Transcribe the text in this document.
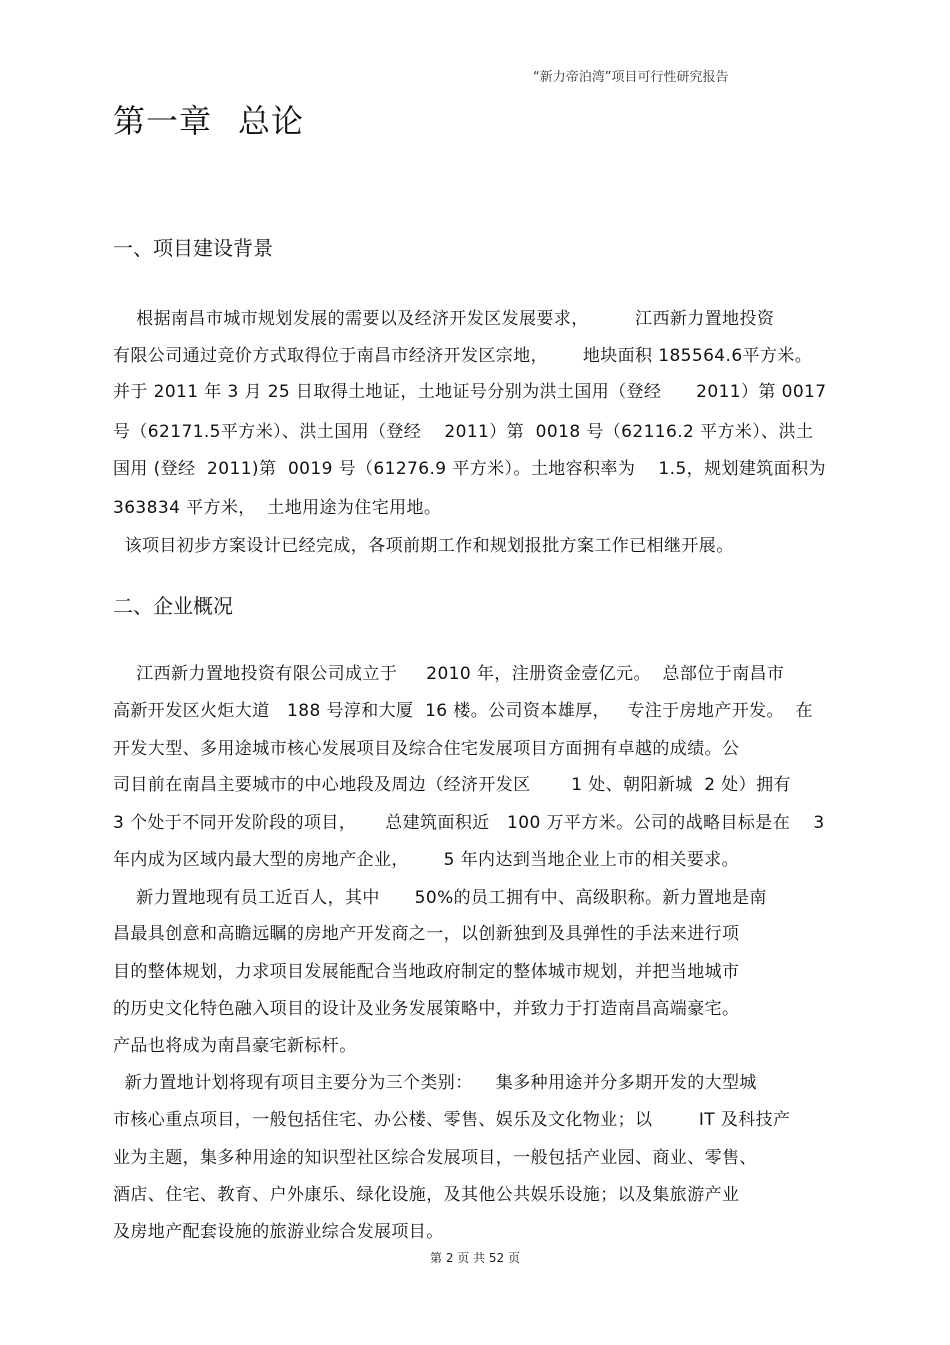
“新力帝泊湾”项目可行性研究报告
第一章 总论
一、项目建设背景
根据南昌市城市规划发展的需要以及经济开发区发展要求，        江西新力置地投资
有限公司通过竞价方式取得位于南昌市经济开发区宗地，      地块面积 185564.6平方米。
并于 2011 年 3 月 25 日取得土地证，土地证号分别为洪土国用（登经      2011）第 0017
号（62171.5平方米）、洪土国用（登经    2011）第  0018 号（62116.2 平方米）、洪土
国用 (登经  2011)第  0019 号（61276.9 平方米）。土地容积率为    1.5，规划建筑面积为
363834 平方米，  土地用途为住宅用地。
该项目初步方案设计已经完成，各项前期工作和规划报批方案工作已相继开展。
二、企业概况
江西新力置地投资有限公司成立于     2010 年，注册资金壹亿元。  总部位于南昌市
高新开发区火炬大道   188 号淳和大厦  16 楼。公司资本雄厚，   专注于房地产开发。  在
开发大型、多用途城市核心发展项目及综合住宅发展项目方面拥有卓越的成绩。公
司目前在南昌主要城市的中心地段及周边（经济开发区       1 处、朝阳新城  2 处）拥有
3 个处于不同开发阶段的项目，     总建筑面积近   100 万平方米。公司的战略目标是在    3
年内成为区域内最大型的房地产企业，      5 年内达到当地企业上市的相关要求。
新力置地现有员工近百人，其中      50%的员工拥有中、高级职称。新力置地是南
昌最具创意和高瞻远瞩的房地产开发商之一，以创新独到及具弹性的手法来进行项
目的整体规划，力求项目发展能配合当地政府制定的整体城市规划，并把当地城市
的历史文化特色融入项目的设计及业务发展策略中，并致力于打造南昌高端豪宅。
产品也将成为南昌豪宅新标杆。
新力置地计划将现有项目主要分为三个类别：    集多种用途并分多期开发的大型城
市核心重点项目，一般包括住宅、办公楼、零售、娱乐及文化物业；以        IT 及科技产
业为主题，集多种用途的知识型社区综合发展项目，一般包括产业园、商业、零售、
酒店、住宅、教育、户外康乐、绿化设施，及其他公共娱乐设施；以及集旅游产业
及房地产配套设施的旅游业综合发展项目。
第 2 页 共 52 页
